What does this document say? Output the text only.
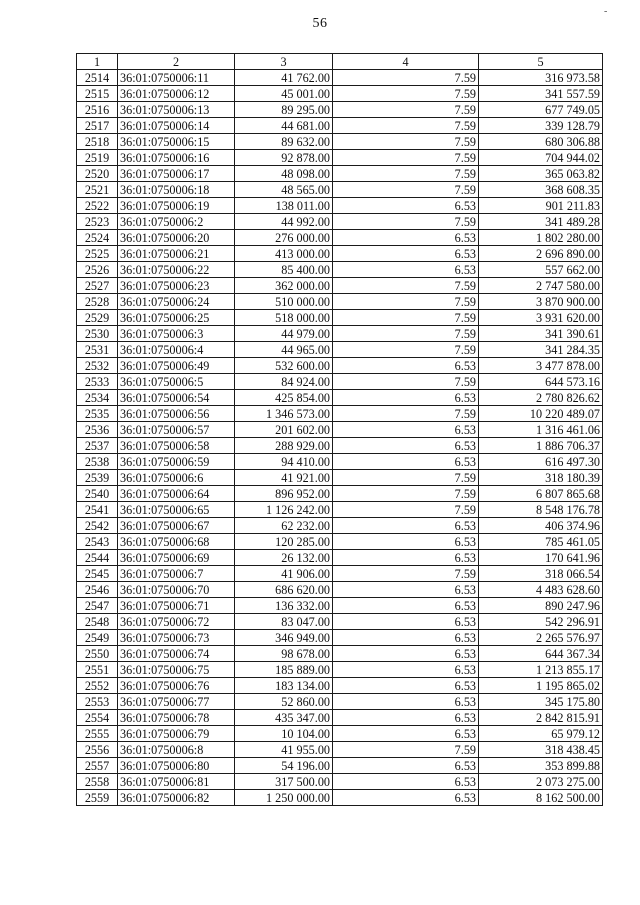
56
-
1	2	3	4	5
2514	36:01:0750006:11	41 762.00	7.59	316 973.58
2515	36:01:0750006:12	45 001.00	7.59	341 557.59
2516	36:01:0750006:13	89 295.00	7.59	677 749.05
2517	36:01:0750006:14	44 681.00	7.59	339 128.79
2518	36:01:0750006:15	89 632.00	7.59	680 306.88
2519	36:01:0750006:16	92 878.00	7.59	704 944.02
2520	36:01:0750006:17	48 098.00	7.59	365 063.82
2521	36:01:0750006:18	48 565.00	7.59	368 608.35
2522	36:01:0750006:19	138 011.00	6.53	901 211.83
2523	36:01:0750006:2	44 992.00	7.59	341 489.28
2524	36:01:0750006:20	276 000.00	6.53	1 802 280.00
2525	36:01:0750006:21	413 000.00	6.53	2 696 890.00
2526	36:01:0750006:22	85 400.00	6.53	557 662.00
2527	36:01:0750006:23	362 000.00	7.59	2 747 580.00
2528	36:01:0750006:24	510 000.00	7.59	3 870 900.00
2529	36:01:0750006:25	518 000.00	7.59	3 931 620.00
2530	36:01:0750006:3	44 979.00	7.59	341 390.61
2531	36:01:0750006:4	44 965.00	7.59	341 284.35
2532	36:01:0750006:49	532 600.00	6.53	3 477 878.00
2533	36:01:0750006:5	84 924.00	7.59	644 573.16
2534	36:01:0750006:54	425 854.00	6.53	2 780 826.62
2535	36:01:0750006:56	1 346 573.00	7.59	10 220 489.07
2536	36:01:0750006:57	201 602.00	6.53	1 316 461.06
2537	36:01:0750006:58	288 929.00	6.53	1 886 706.37
2538	36:01:0750006:59	94 410.00	6.53	616 497.30
2539	36:01:0750006:6	41 921.00	7.59	318 180.39
2540	36:01:0750006:64	896 952.00	7.59	6 807 865.68
2541	36:01:0750006:65	1 126 242.00	7.59	8 548 176.78
2542	36:01:0750006:67	62 232.00	6.53	406 374.96
2543	36:01:0750006:68	120 285.00	6.53	785 461.05
2544	36:01:0750006:69	26 132.00	6.53	170 641.96
2545	36:01:0750006:7	41 906.00	7.59	318 066.54
2546	36:01:0750006:70	686 620.00	6.53	4 483 628.60
2547	36:01:0750006:71	136 332.00	6.53	890 247.96
2548	36:01:0750006:72	83 047.00	6.53	542 296.91
2549	36:01:0750006:73	346 949.00	6.53	2 265 576.97
2550	36:01:0750006:74	98 678.00	6.53	644 367.34
2551	36:01:0750006:75	185 889.00	6.53	1 213 855.17
2552	36:01:0750006:76	183 134.00	6.53	1 195 865.02
2553	36:01:0750006:77	52 860.00	6.53	345 175.80
2554	36:01:0750006:78	435 347.00	6.53	2 842 815.91
2555	36:01:0750006:79	10 104.00	6.53	65 979.12
2556	36:01:0750006:8	41 955.00	7.59	318 438.45
2557	36:01:0750006:80	54 196.00	6.53	353 899.88
2558	36:01:0750006:81	317 500.00	6.53	2 073 275.00
2559	36:01:0750006:82	1 250 000.00	6.53	8 162 500.00
